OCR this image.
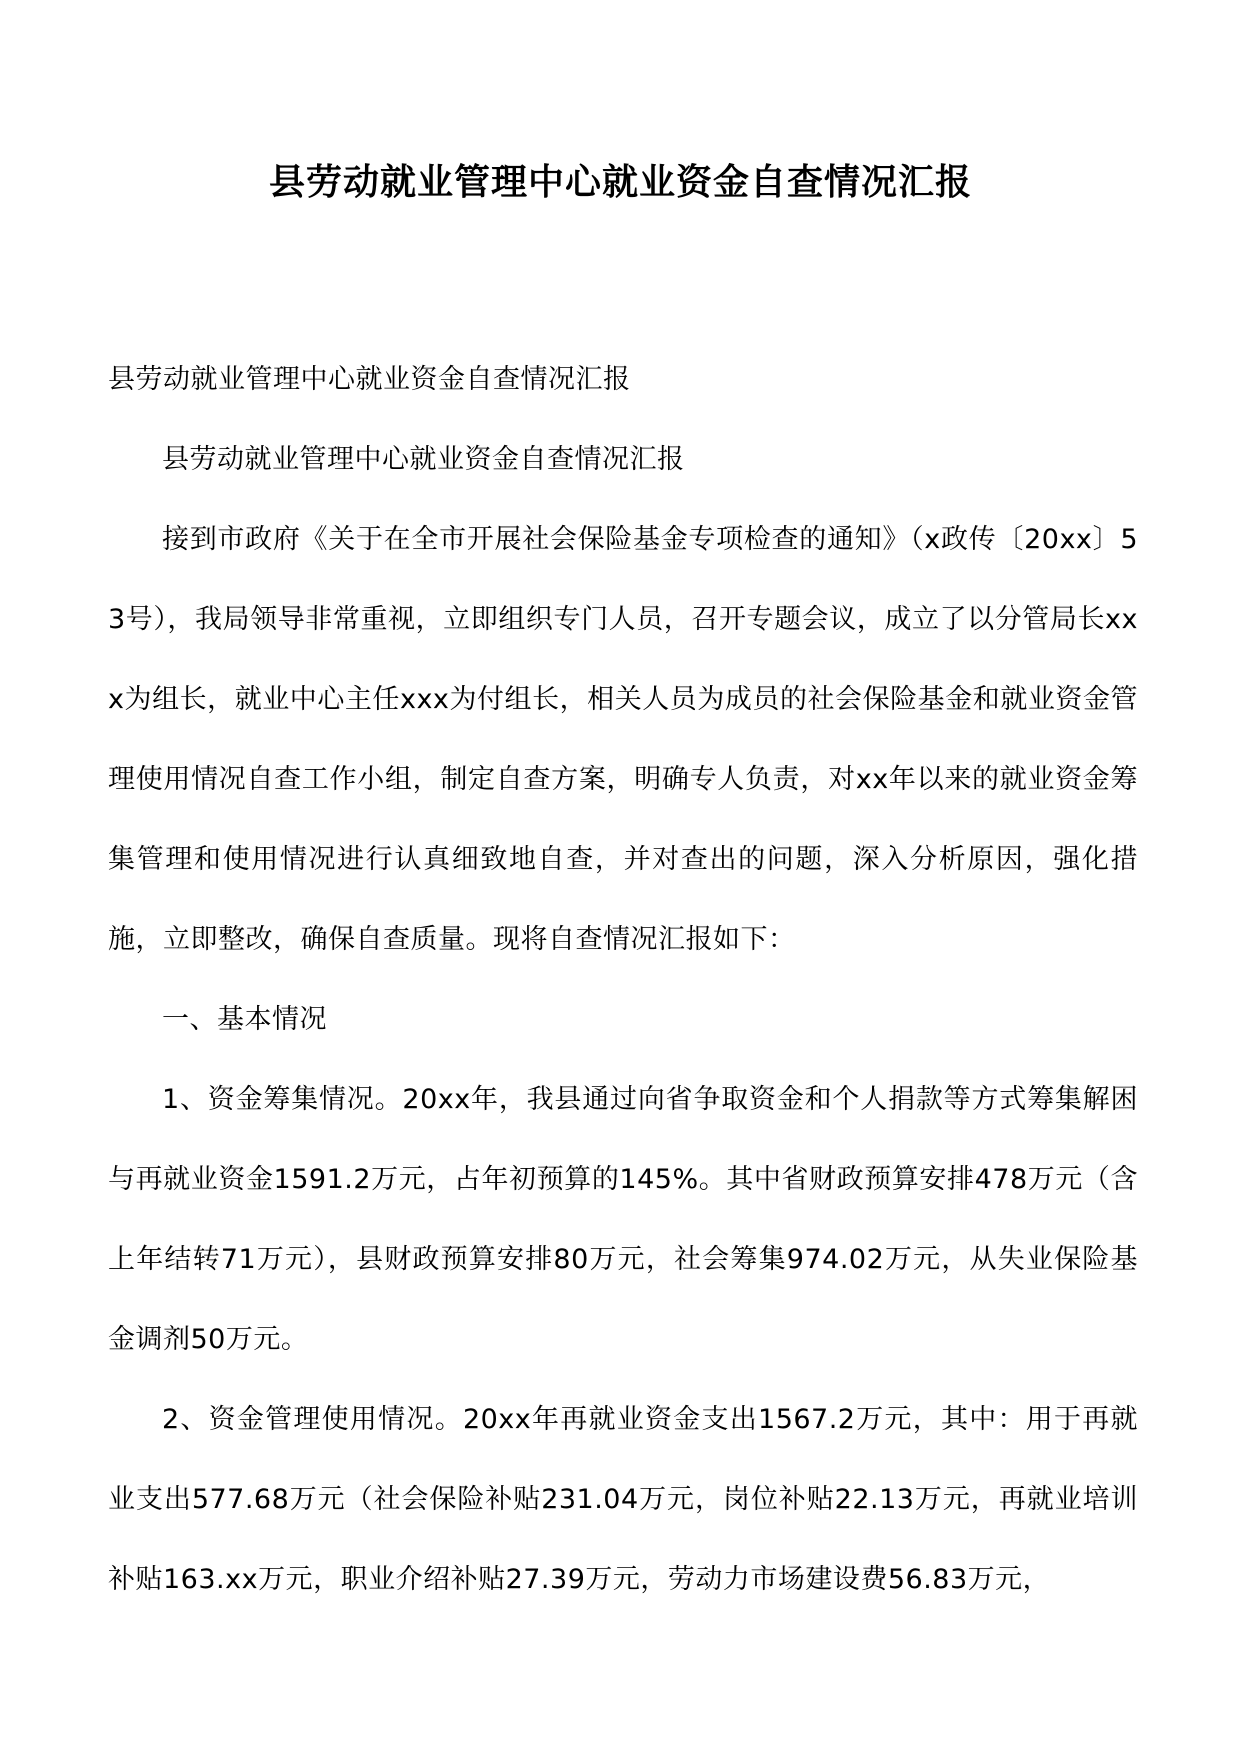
县劳动就业管理中心就业资金自查情况汇报

县劳动就业管理中心就业资金自查情况汇报

县劳动就业管理中心就业资金自查情况汇报

接到市政府《关于在全市开展社会保险基金专项检查的通知》（x政传〔20xx〕53号），我局领导非常重视，立即组织专门人员，召开专题会议，成立了以分管局长xxx为组长，就业中心主任xxx为付组长，相关人员为成员的社会保险基金和就业资金管理使用情况自查工作小组，制定自查方案，明确专人负责，对xx年以来的就业资金筹集管理和使用情况进行认真细致地自查，并对查出的问题，深入分析原因，强化措施，立即整改，确保自查质量。现将自查情况汇报如下：

一、基本情况

1、资金筹集情况。20xx年，我县通过向省争取资金和个人捐款等方式筹集解困与再就业资金1591.2万元，占年初预算的145%。其中省财政预算安排478万元（含上年结转71万元），县财政预算安排80万元，社会筹集974.02万元，从失业保险基金调剂50万元。

2、资金管理使用情况。20xx年再就业资金支出1567.2万元，其中：用于再就业支出577.68万元（社会保险补贴231.04万元，岗位补贴22.13万元，再就业培训补贴163.xx万元，职业介绍补贴27.39万元，劳动力市场建设费56.83万元，
